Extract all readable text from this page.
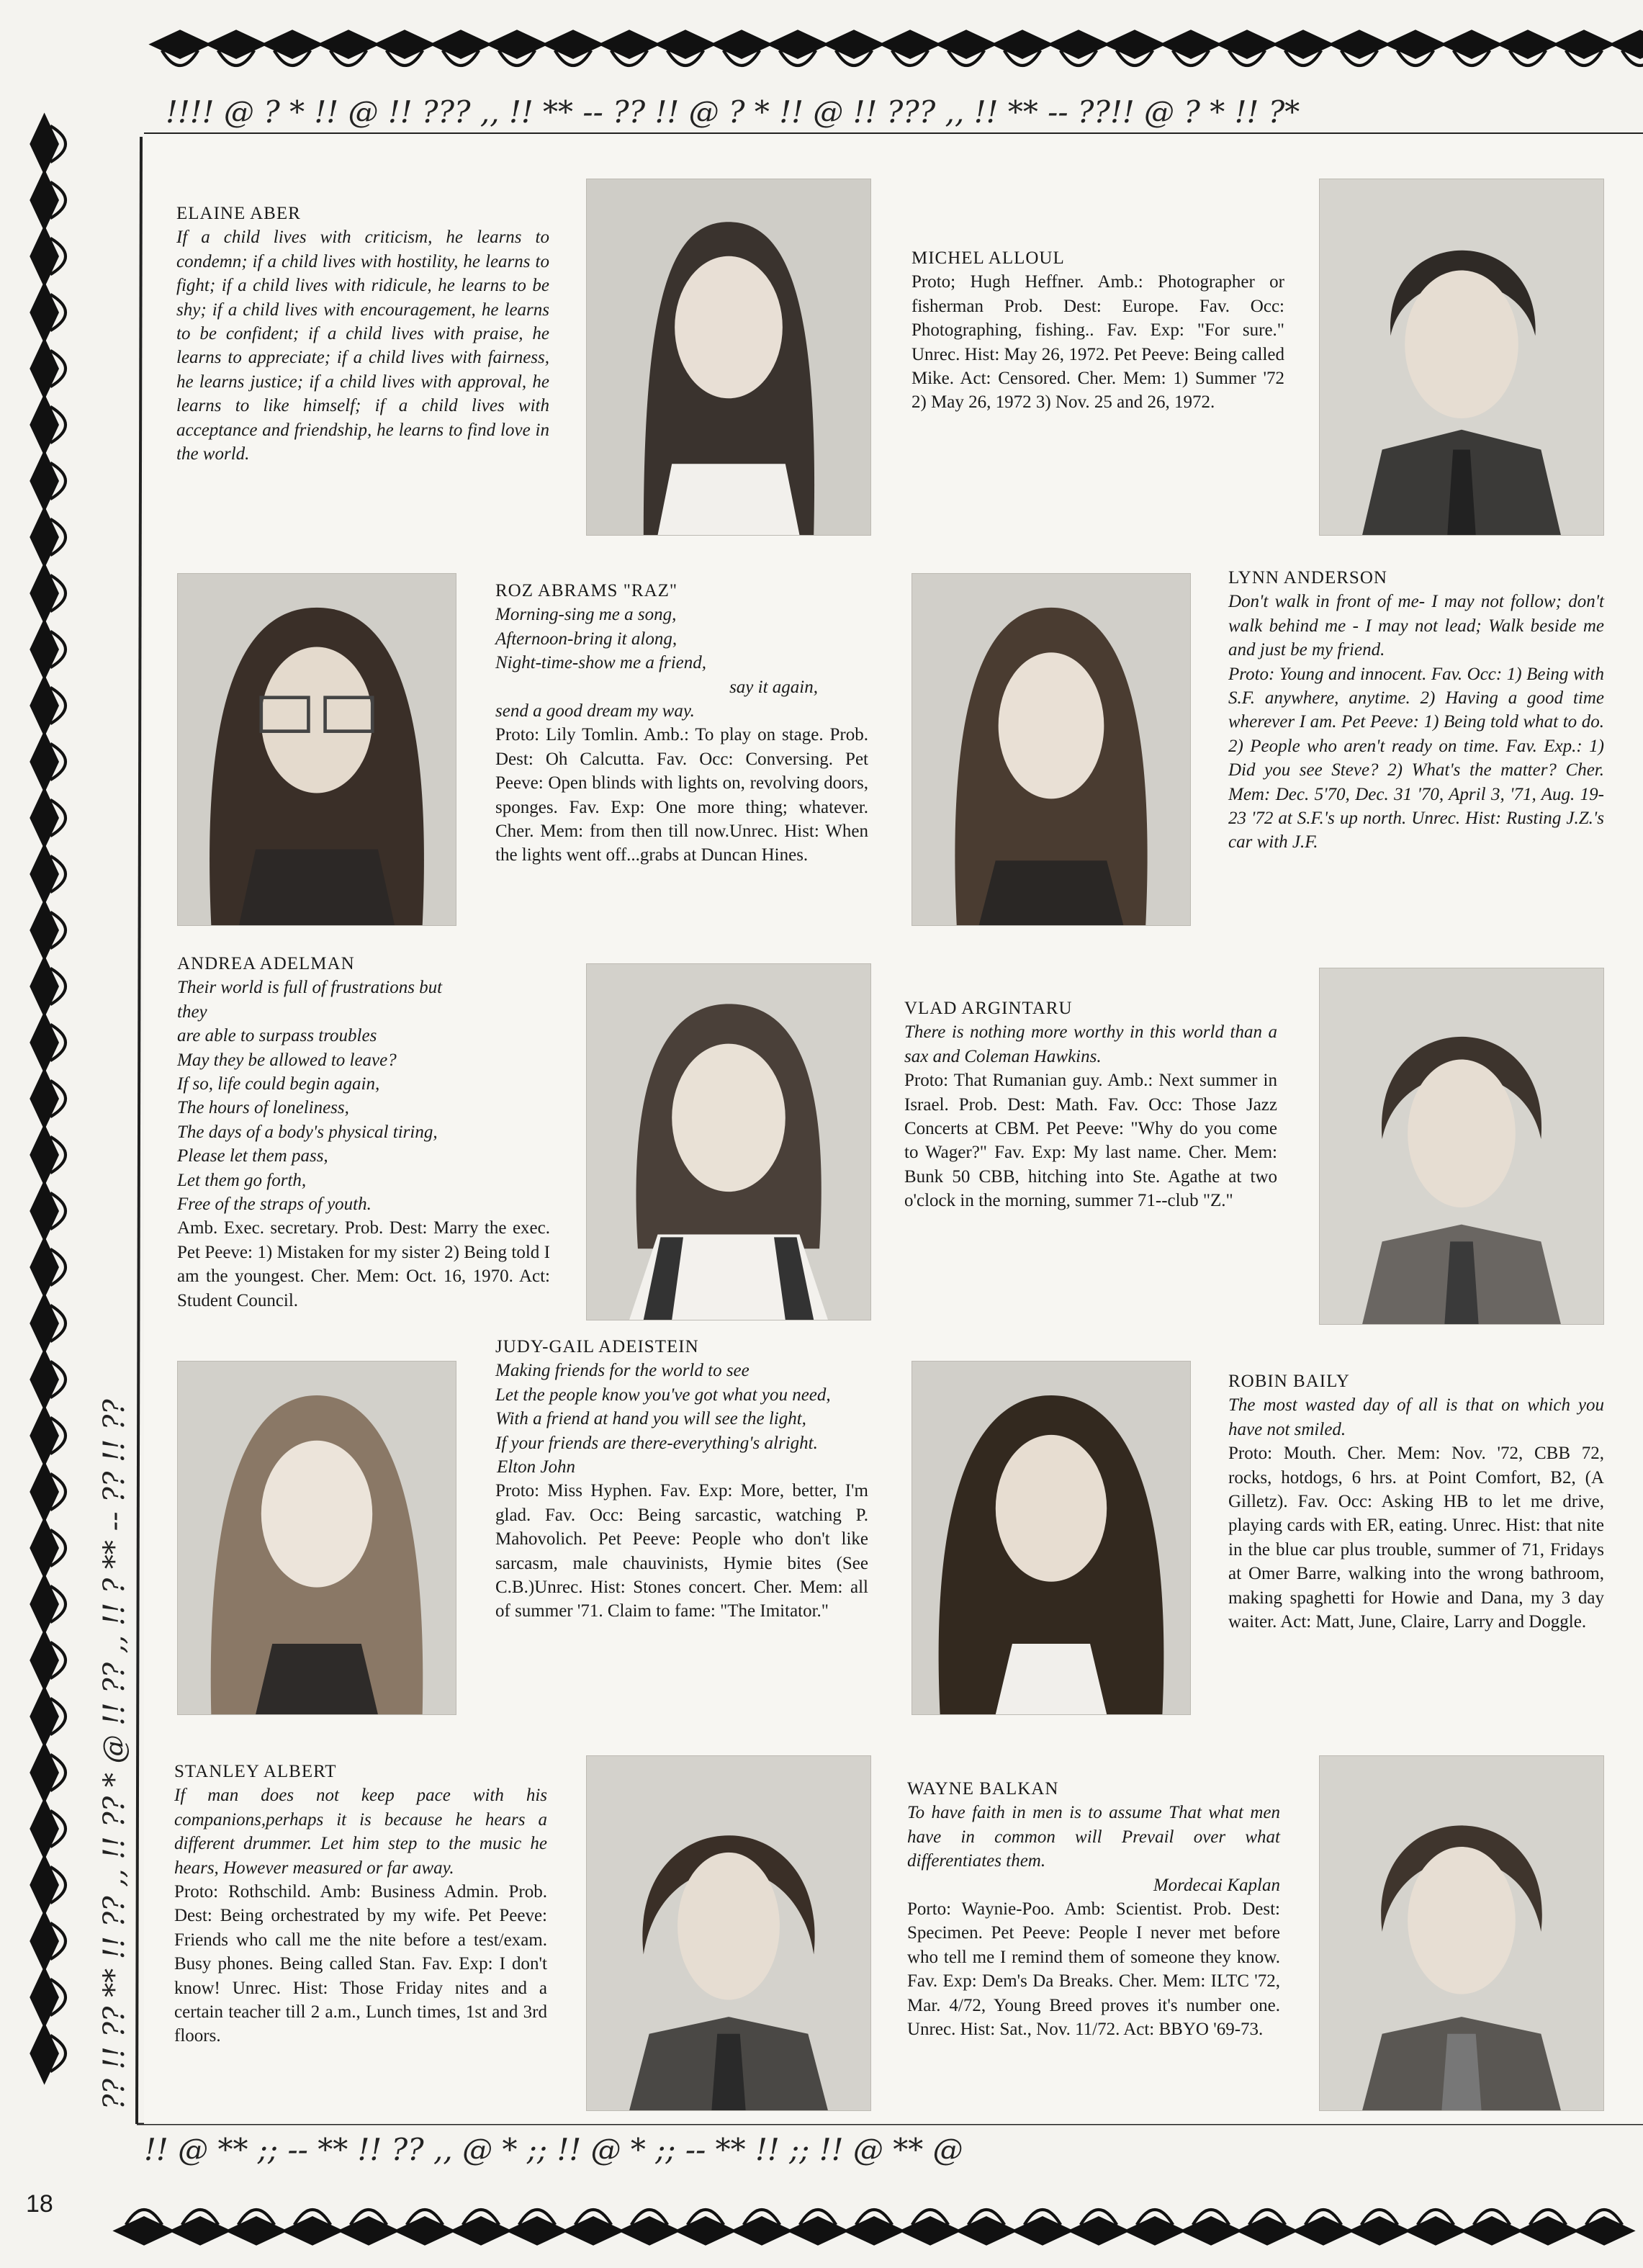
!!!! @ ? * !! @ !! ??? ,, !! ** -- ?? !! @ ? * !! @ !! ??? ,, !! ** -- ??!! @ ? * !! ?*
!! @ ** ;; -- ** !! ?? ,, @ * ;; !! @ * ;; -- ** !! ;; !! @ ** @
?? !! ?? ** !! ?? ,, !! ?? * @ !! ?? ,, !! ? ** -- ?? !! ??
ELAINE ABER
If a child lives with criticism, he learns to condemn; if a child lives with hostility, he learns to fight; if a child lives with ridicule, he learns to be shy; if a child lives with encouragement, he learns to be confident; if a child lives with praise, he learns to appreciate; if a child lives with fairness, he learns justice; if a child lives with approval, he learns to like himself; if a child lives with acceptance and friendship, he learns to find love in the world.
MICHEL ALLOUL
Proto; Hugh Heffner. Amb.: Photographer or fisherman Prob. Dest: Europe. Fav. Occ: Photographing, fishing.. Fav. Exp: "For sure." Unrec. Hist: May 26, 1972. Pet Peeve: Being called Mike. Act: Censored. Cher. Mem: 1) Summer '72 2) May 26, 1972 3) Nov. 25 and 26, 1972.
ROZ ABRAMS "RAZ"
Morning-sing me a song,
Afternoon-bring it along,
Night-time-show me a friend,
say it again,
send a good dream my way.
Proto: Lily Tomlin. Amb.: To play on stage. Prob. Dest: Oh Calcutta. Fav. Occ: Conversing. Pet Peeve: Open blinds with lights on, revolving doors, sponges. Fav. Exp: One more thing; whatever. Cher. Mem: from then till now.Unrec. Hist: When the lights went off...grabs at Duncan Hines.
LYNN ANDERSON
Don't walk in front of me- I may not follow; don't walk behind me - I may not lead; Walk beside me and just be my friend.
Proto: Young and innocent. Fav. Occ: 1) Being with S.F. anywhere, anytime. 2) Having a good time wherever I am. Pet Peeve: 1) Being told what to do. 2) People who aren't ready on time. Fav. Exp.: 1) Did you see Steve? 2) What's the matter? Cher. Mem: Dec. 5'70, Dec. 31 '70, April 3, '71, Aug. 19-23 '72 at S.F.'s up north. Unrec. Hist: Rusting J.Z.'s car with J.F.
ANDREA ADELMAN
Their world is full of frustrations but
they
are able to surpass troubles
May they be allowed to leave?
If so, life could begin again,
The hours of loneliness,
The days of a body's physical tiring,
Please let them pass,
Let them go forth,
Free of the straps of youth.
Amb. Exec. secretary. Prob. Dest: Marry the exec. Pet Peeve: 1) Mistaken for my sister 2) Being told I am the youngest. Cher. Mem: Oct. 16, 1970. Act: Student Council.
VLAD ARGINTARU
There is nothing more worthy in this world than a sax and Coleman Hawkins.
Proto: That Rumanian guy. Amb.: Next summer in Israel. Prob. Dest: Math. Fav. Occ: Those Jazz Concerts at CBM. Pet Peeve: "Why do you come to Wager?" Fav. Exp: My last name. Cher. Mem: Bunk 50 CBB, hitching into Ste. Agathe at two o'clock in the morning, summer 71--club "Z."
JUDY-GAIL ADEISTEIN
Making friends for the world to see
Let the people know you've got what you need,
With a friend at hand you will see the light,
If your friends are there-everything's alright.
Elton John
Proto: Miss Hyphen. Fav. Exp: More, better, I'm glad. Fav. Occ: Being sarcastic, watching P. Mahovolich. Pet Peeve: People who don't like sarcasm, male chauvinists, Hymie bites (See C.B.)Unrec. Hist: Stones concert. Cher. Mem: all of summer '71. Claim to fame: "The Imitator."
ROBIN BAILY
The most wasted day of all is that on which you have not smiled.
Proto: Mouth. Cher. Mem: Nov. '72, CBB 72, rocks, hotdogs, 6 hrs. at Point Comfort, B2, (A Gilletz). Fav. Occ: Asking HB to let me drive, playing cards with ER, eating. Unrec. Hist: that nite in the blue car plus trouble, summer of 71, Fridays at Omer Barre, walking into the wrong bathroom, making spaghetti for Howie and Dana, my 3 day waiter. Act: Matt, June, Claire, Larry and Doggle.
STANLEY ALBERT
If man does not keep pace with his companions,perhaps it is because he hears a different drummer. Let him step to the music he hears, However measured or far away.
Proto: Rothschild. Amb: Business Admin. Prob. Dest: Being orchestrated by my wife. Pet Peeve: Friends who call me the nite before a test/exam. Busy phones. Being called Stan. Fav. Exp: I don't know! Unrec. Hist: Those Friday nites and a certain teacher till 2 a.m., Lunch times, 1st and 3rd floors.
WAYNE BALKAN
To have faith in men is to assume That what men have in common will Prevail over what differentiates them.
Mordecai Kaplan
Porto: Waynie-Poo. Amb: Scientist. Prob. Dest: Specimen. Pet Peeve: People I never met before who tell me I remind them of someone they know. Fav. Exp: Dem's Da Breaks. Cher. Mem: ILTC '72, Mar. 4/72, Young Breed proves it's number one. Unrec. Hist: Sat., Nov. 11/72. Act: BBYO '69-73.
18
